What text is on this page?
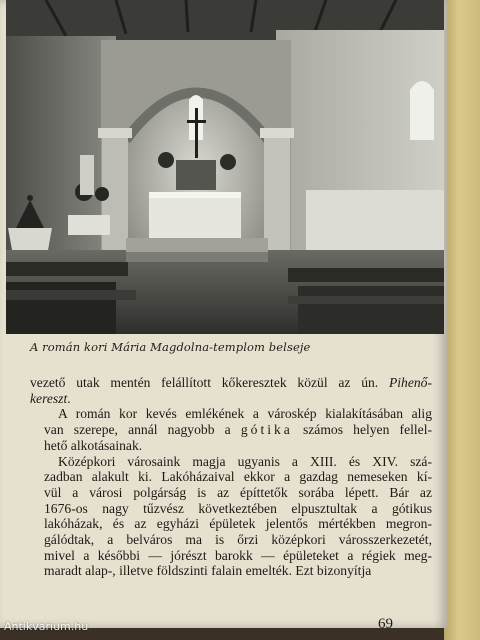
A román kori Mária Magdolna-templom belseje

vezető utak mentén felállított kőkeresztek közül az ún. Pihenő-
kereszt.

A román kor kevés emlékének a városkép kialakításában alig
van szerepe, annál nagyobb a gótika számos helyen fellel-
hető alkotásainak.

Középkori városaink magja ugyanis a XIII. és XIV. szá-
zadban alakult ki. Lakóházaival ekkor a gazdag nemeseken kí-
vül a városi polgárság is az építtetők sorába lépett. Bár az
1676-os nagy tűzvész következtében elpusztultak a gótikus
lakóházak, és az egyházi épületek jelentős mértékben megron-
gálódtak, a belváros ma is őrzi középkori városszerkezetét,
mivel a későbbi — jórészt barokk — épületeket a régiek meg-
maradt alap-, illetve földszinti falain emelték. Ezt bizonyítja

69
Antikvarium.hu
